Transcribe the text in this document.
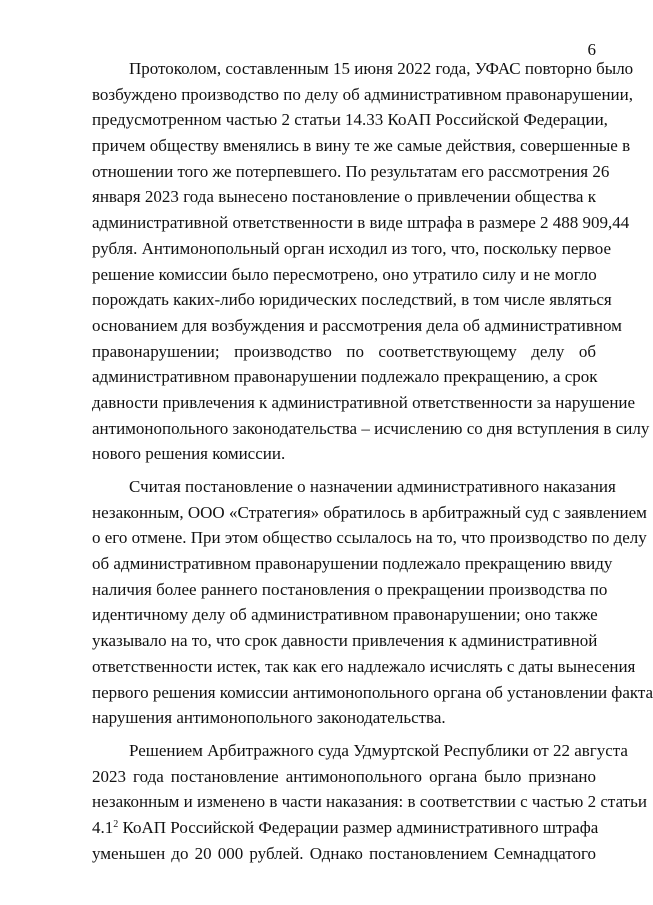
6
Протоколом, составленным 15 июня 2022 года, УФАС повторно было
возбуждено производство по делу об административном правонарушении,
предусмотренном частью 2 статьи 14.33 КоАП Российской Федерации,
причем обществу вменялись в вину те же самые действия, совершенные в
отношении того же потерпевшего. По результатам его рассмотрения 26
января 2023 года вынесено постановление о привлечении общества к
административной ответственности в виде штрафа в размере 2 488 909,44
рубля. Антимонопольный орган исходил из того, что, поскольку первое
решение комиссии было пересмотрено, оно утратило силу и не могло
порождать каких-либо юридических последствий, в том числе являться
основанием для возбуждения и рассмотрения дела об административном
правонарушении; производство по соответствующему делу об
административном правонарушении подлежало прекращению, а срок
давности привлечения к административной ответственности за нарушение
антимонопольного законодательства – исчислению со дня вступления в силу
нового решения комиссии.
Считая постановление о назначении административного наказания
незаконным, ООО «Стратегия» обратилось в арбитражный суд с заявлением
о его отмене. При этом общество ссылалось на то, что производство по делу
об административном правонарушении подлежало прекращению ввиду
наличия более раннего постановления о прекращении производства по
идентичному делу об административном правонарушении; оно также
указывало на то, что срок давности привлечения к административной
ответственности истек, так как его надлежало исчислять с даты вынесения
первого решения комиссии антимонопольного органа об установлении факта
нарушения антимонопольного законодательства.
Решением Арбитражного суда Удмуртской Республики от 22 августа
2023 года постановление антимонопольного органа было признано
незаконным и изменено в части наказания: в соответствии с частью 2 статьи
$4.1^2$ КоАП Российской Федерации размер административного штрафа
уменьшен до 20 000 рублей. Однако постановлением Семнадцатого
